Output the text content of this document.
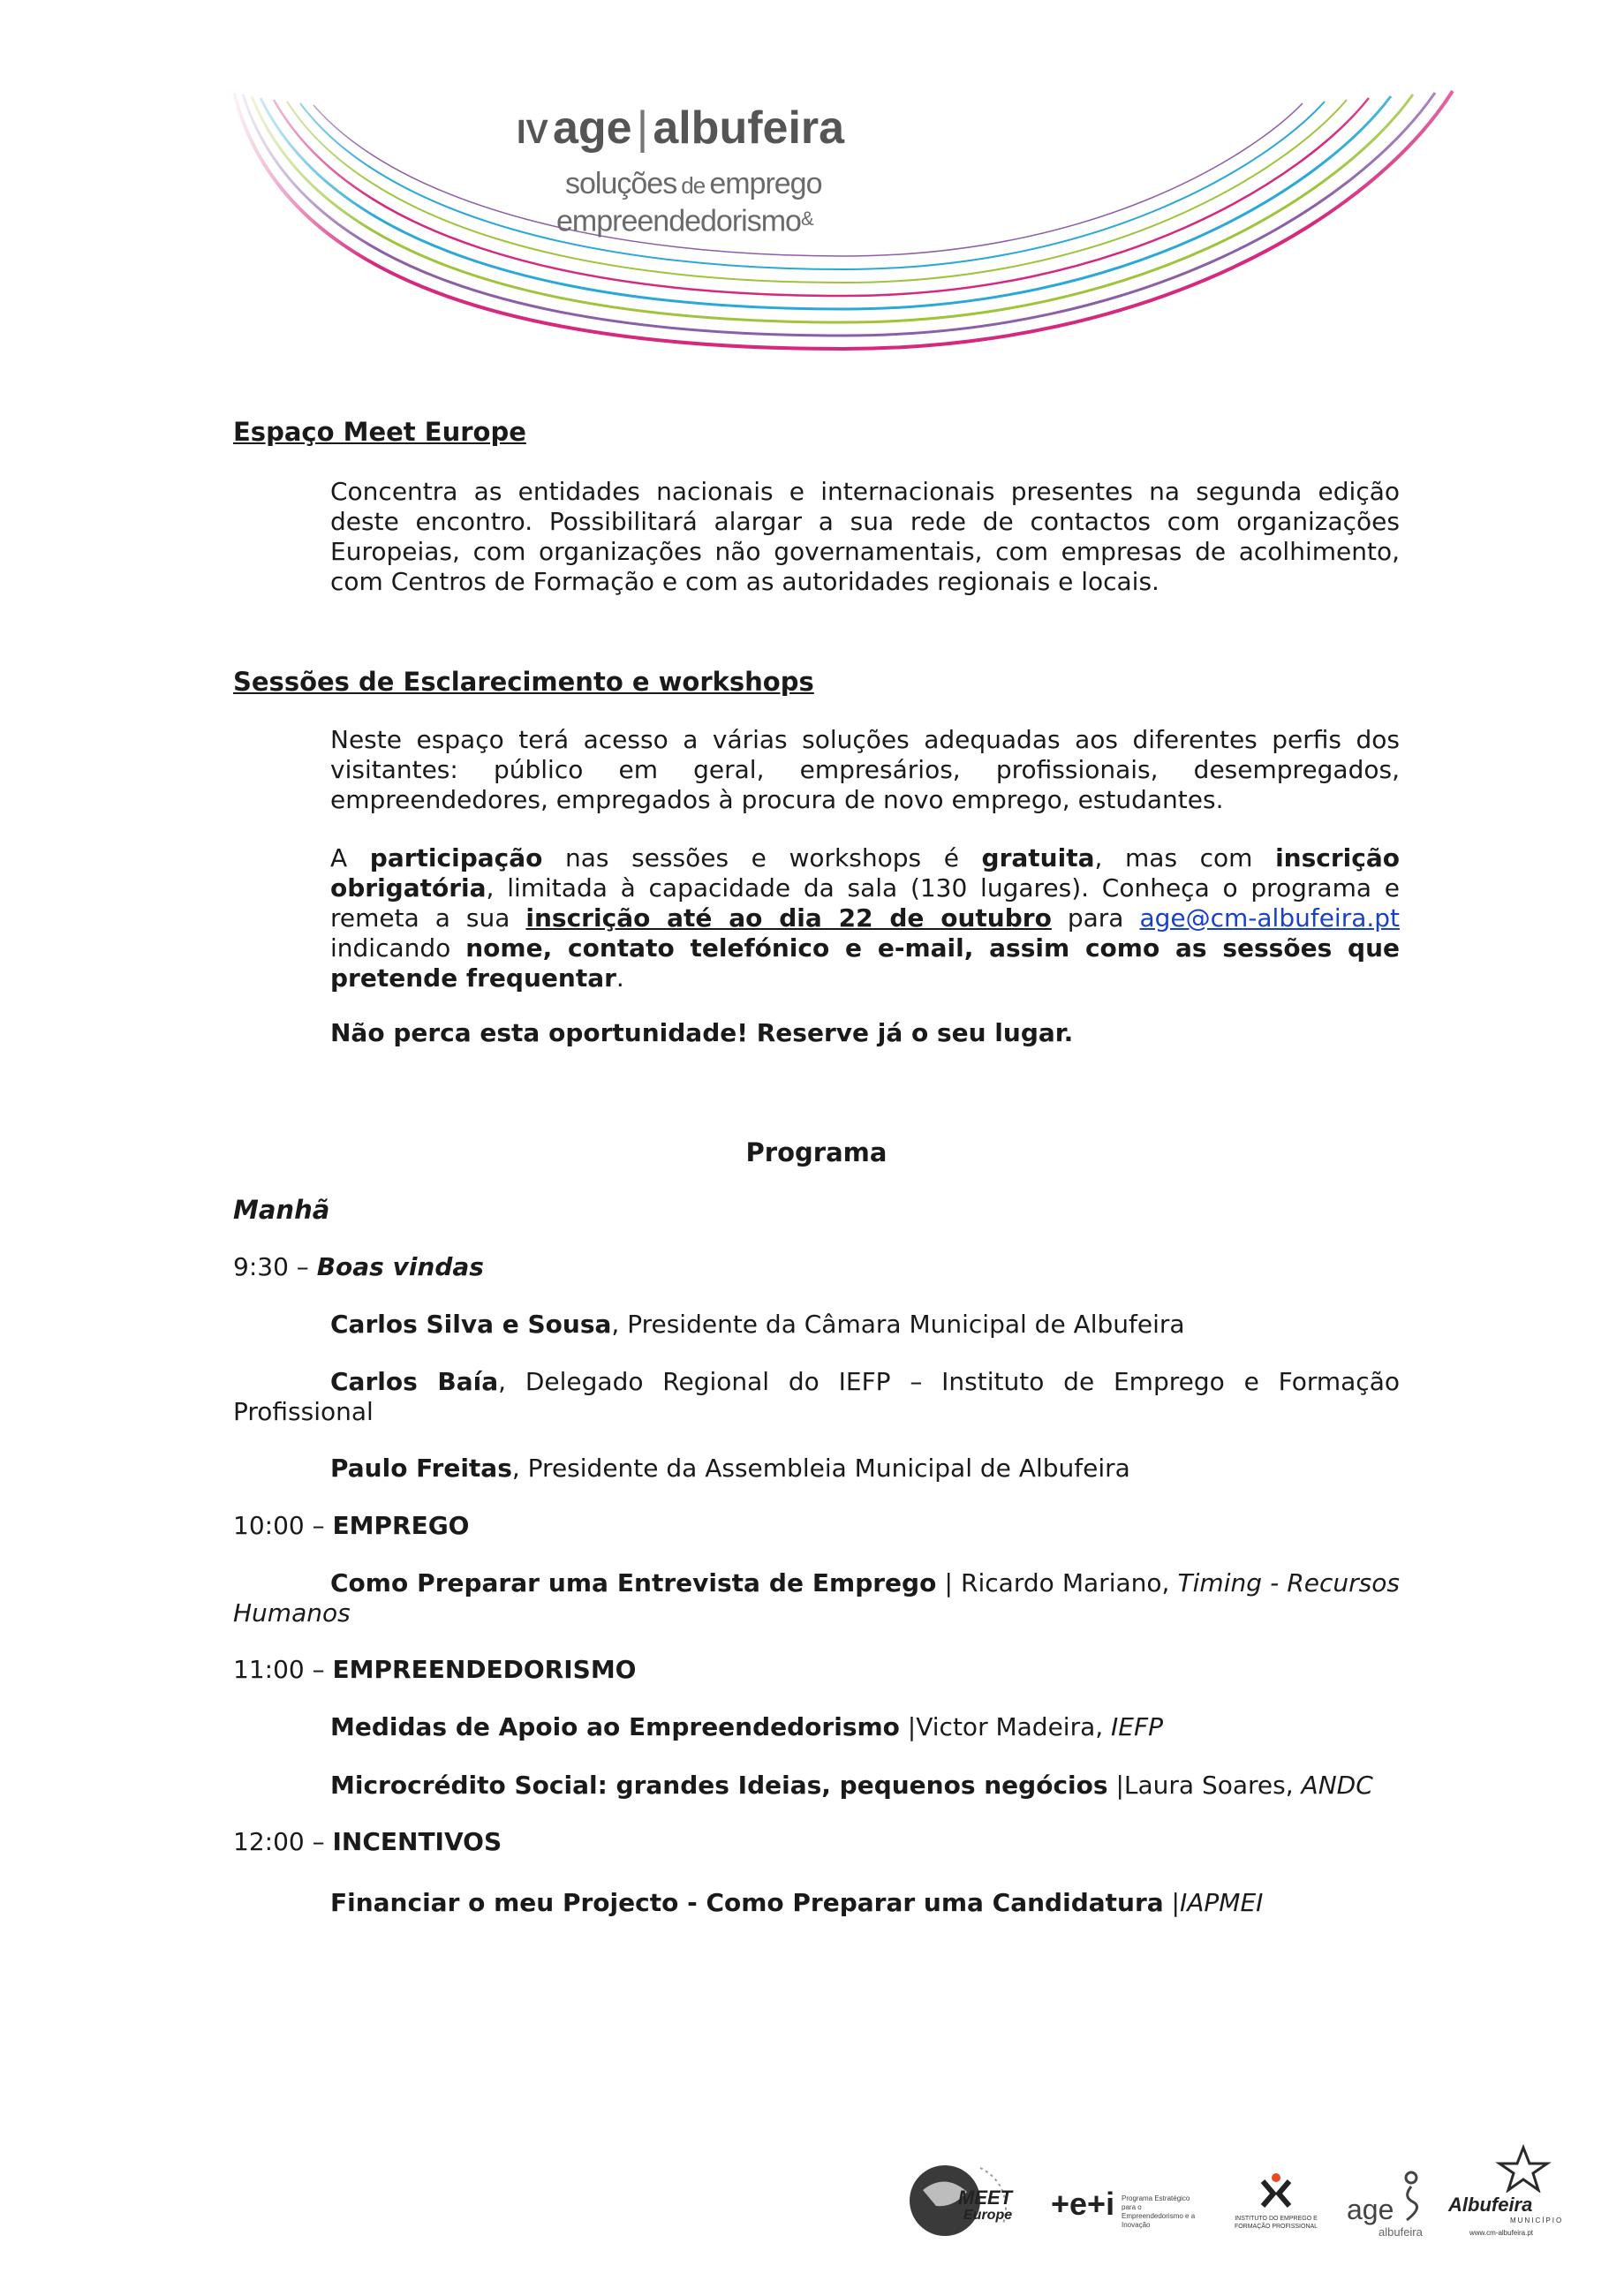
IV age | albufeira
soluções de emprego
empreendedorismo&
Espaço Meet Europe
Concentra as entidades nacionais e internacionais presentes na segunda edição deste encontro. Possibilitará alargar a sua rede de contactos com organizações Europeias, com organizações não governamentais, com empresas de acolhimento, com Centros de Formação e com as autoridades regionais e locais.
Sessões de Esclarecimento e workshops
Neste espaço terá acesso a várias soluções adequadas aos diferentes perfis dos visitantes: público em geral, empresários, profissionais, desempregados, empreendedores, empregados à procura de novo emprego, estudantes.
A participação nas sessões e workshops é gratuita, mas com inscrição obrigatória, limitada à capacidade da sala (130 lugares). Conheça o programa e remeta a sua inscrição até ao dia 22 de outubro para age@cm-albufeira.pt indicando nome, contato telefónico e e-mail, assim como as sessões que pretende frequentar.
Não perca esta oportunidade! Reserve já o seu lugar.
Programa
Manhã
9:30 – Boas vindas
Carlos Silva e Sousa, Presidente da Câmara Municipal de Albufeira
Carlos Baía, Delegado Regional do IEFP – Instituto de Emprego e Formação Profissional
Paulo Freitas, Presidente da Assembleia Municipal de Albufeira
10:00 – EMPREGO
Como Preparar uma Entrevista de Emprego | Ricardo Mariano, Timing - Recursos Humanos
11:00 – EMPREENDEDORISMO
Medidas de Apoio ao Empreendedorismo |Victor Madeira, IEFP
Microcrédito Social: grandes Ideias, pequenos negócios |Laura Soares, ANDC
12:00 – INCENTIVOS
Financiar o meu Projecto - Como Preparar uma Candidatura |IAPMEI
MEET
Europe +e+i Programa Estratégico para o Empreendedorismo e a Inovação
INSTITUTO DO EMPREGO E FORMAÇÃO PROFISSIONAL
age
albufeira
Albufeira
MUNICÍPIO
www.cm-albufeira.pt
